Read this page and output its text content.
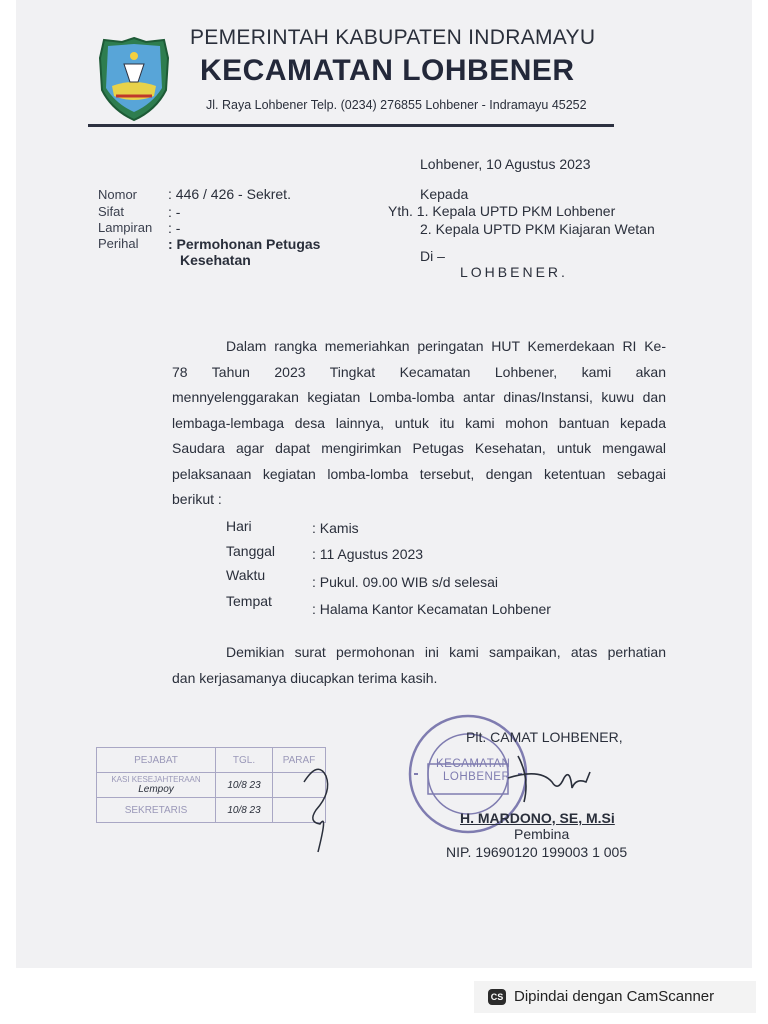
PEMERINTAH KABUPATEN INDRAMAYU
KECAMATAN LOHBENER
Jl. Raya Lohbener Telp. (0234) 276855 Lohbener - Indramayu 45252
Lohbener, 10 Agustus 2023
Nomor : 446 / 426 - Sekret.
Sifat	: -
Lampiran : -
Perihal : Permohonan Petugas
Kesehatan
Kepada
Yth. 1. Kepala UPTD PKM Lohbener
2. Kepala UPTD PKM Kiajaran Wetan
Di –
LOHBENER.
Dalam rangka memeriahkan peringatan HUT Kemerdekaan RI Ke-
78 Tahun 2023 Tingkat Kecamatan Lohbener, kami akan
mennyelenggarakan kegiatan Lomba-lomba antar dinas/Instansi, kuwu dan
lembaga-lembaga desa lainnya, untuk itu kami mohon bantuan kepada
Saudara agar dapat mengirimkan Petugas Kesehatan, untuk mengawal
pelaksanaan kegiatan lomba-lomba tersebut, dengan ketentuan sebagai
berikut :
Hari	: Kamis
Tanggal	: 11 Agustus 2023
Waktu	: Pukul. 09.00 WIB s/d selesai
Tempat	: Halama Kantor Kecamatan Lohbener
Demikian surat permohonan ini kami sampaikan, atas perhatian
dan kerjasamanya diucapkan terima kasih.
KECAMATAN
LOHBENER
Plt. CAMAT LOHBENER,
H. MARDONO, SE, M.Si
Pembina
NIP. 19690120 199003 1 005
PEJABAT	TGL.	PARAF

KASI KESEJAHTERAAN
Lempoy	10/8 23	
SEKRETARIS	10/8 23	
CS Dipindai dengan CamScanner
